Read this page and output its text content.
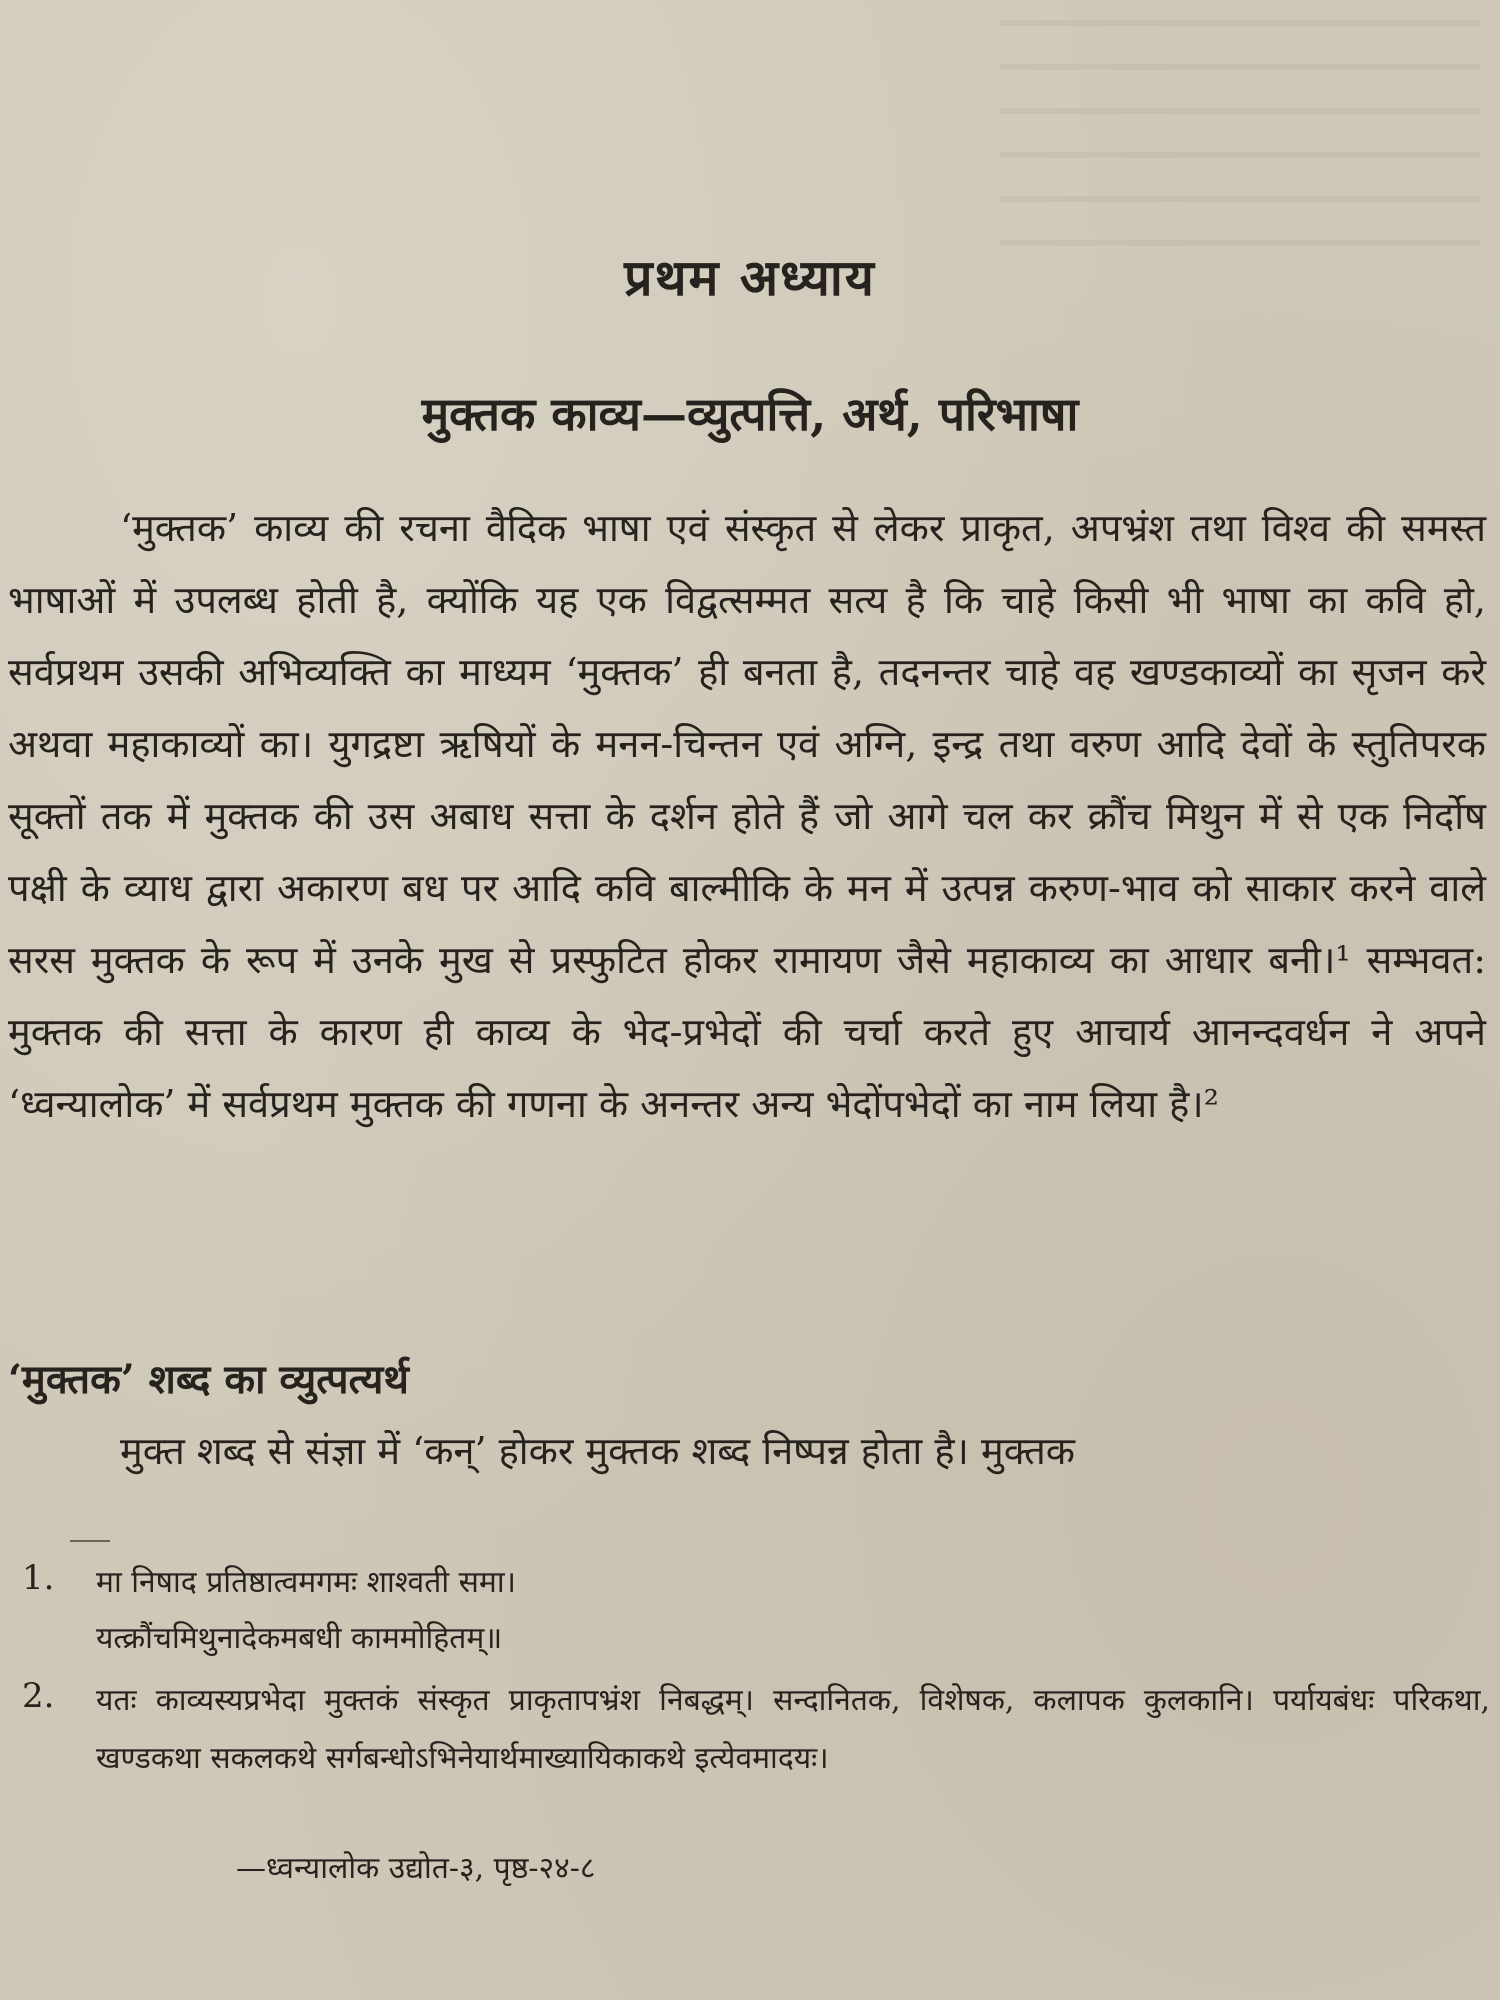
प्रथम अध्याय
मुक्तक काव्य—व्युत्पत्ति, अर्थ, परिभाषा

‘मुक्तक’ काव्य की रचना वैदिक भाषा एवं संस्कृत से लेकर प्राकृत, अपभ्रंश तथा विश्व की समस्त भाषाओं में उपलब्ध होती है, क्योंकि यह एक विद्वत्सम्मत सत्य है कि चाहे किसी भी भाषा का कवि हो, सर्वप्रथम उसकी अभिव्यक्ति का माध्यम ‘मुक्तक’ ही बनता है, तदनन्तर चाहे वह खण्डकाव्यों का सृजन करे अथवा महाकाव्यों का। युगद्रष्टा ऋषियों के मनन-चिन्तन एवं अग्नि, इन्द्र तथा वरुण आदि देवों के स्तुतिपरक सूक्तों तक में मुक्तक की उस अबाध सत्ता के दर्शन होते हैं जो आगे चल कर क्रौंच मिथुन में से एक निर्दोष पक्षी के व्याध द्वारा अकारण बध पर आदि कवि बाल्मीकि के मन में उत्पन्न करुण-भाव को साकार करने वाले सरस मुक्तक के रूप में उनके मुख से प्रस्फुटित होकर रामायण जैसे महाकाव्य का आधार बनी।¹ सम्भवत: मुक्तक की सत्ता के कारण ही काव्य के भेद-प्रभेदों की चर्चा करते हुए आचार्य आनन्दवर्धन ने अपने ‘ध्वन्यालोक’ में सर्वप्रथम मुक्तक की गणना के अनन्तर अन्य भेदोंपभेदों का नाम लिया है।²

‘मुक्तक’ शब्द का व्युत्पत्यर्थ

मुक्त शब्द से संज्ञा में ‘कन्’ होकर मुक्तक शब्द निष्पन्न होता है। मुक्तक

1. मा निषाद प्रतिष्ठात्वमगमः शाश्वती समा।

यत्क्रौंचमिथुनादेकमबधी काममोहितम्॥

2. यतः काव्यस्यप्रभेदा मुक्तकं संस्कृत प्राकृतापभ्रंश निबद्धम्। सन्दानितक, विशेषक, कलापक कुलकानि। पर्यायबंधः परिकथा, खण्डकथा सकलकथे सर्गबन्धोऽभिनेयार्थमाख्यायिकाकथे इत्येवमादयः।

—ध्वन्यालोक उद्योत-३, पृष्ठ-२४-८
